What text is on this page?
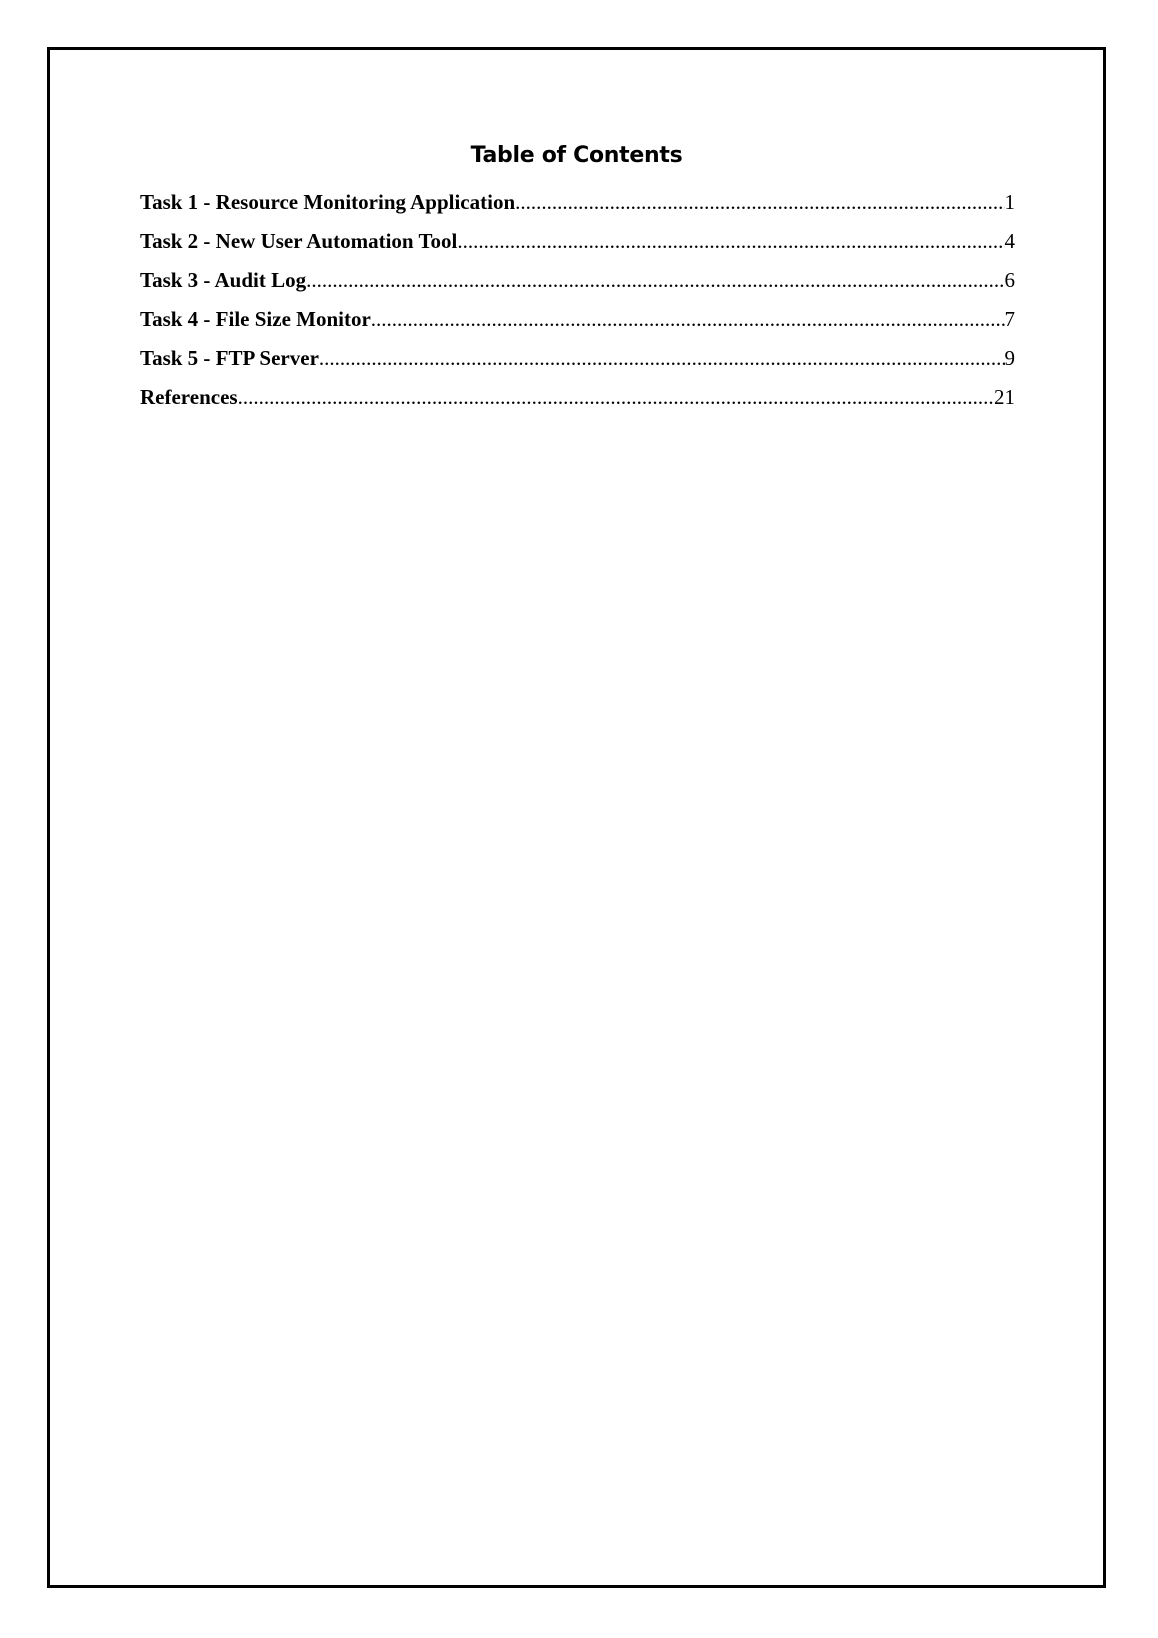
Table of Contents
Task 1 - Resource Monitoring Application .....	1
Task 2 - New User Automation Tool .....	4
Task 3 - Audit Log .....	6
Task 4 - File Size Monitor .....	7
Task 5 - FTP Server .....	9
References .....	21
